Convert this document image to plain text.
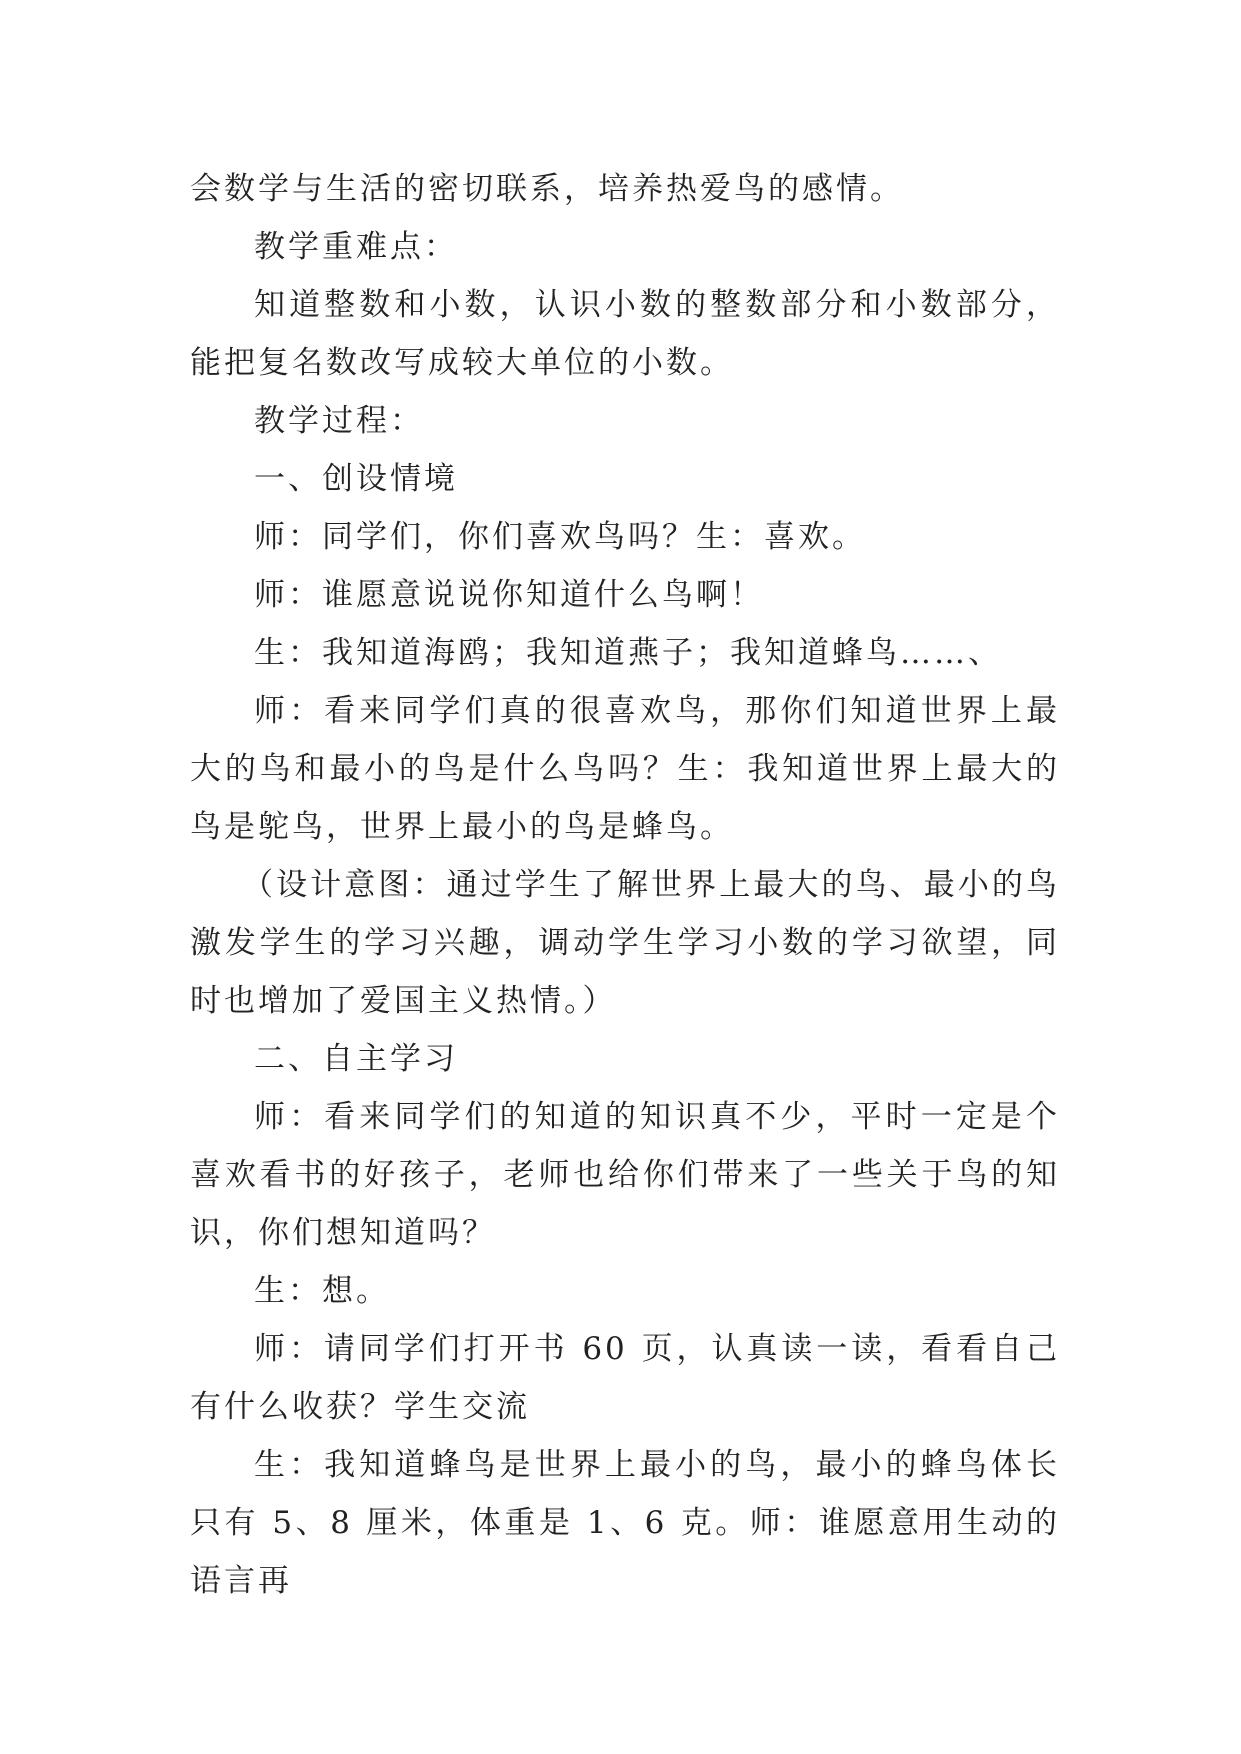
会数学与生活的密切联系，培养热爱鸟的感情。

教学重难点：

知道整数和小数，认识小数的整数部分和小数部分，能把复名数改写成较大单位的小数。

教学过程：

一、创设情境

师：同学们，你们喜欢鸟吗？生：喜欢。

师：谁愿意说说你知道什么鸟啊！

生：我知道海鸥；我知道燕子；我知道蜂鸟……、

师：看来同学们真的很喜欢鸟，那你们知道世界上最大的鸟和最小的鸟是什么鸟吗？生：我知道世界上最大的鸟是鸵鸟，世界上最小的鸟是蜂鸟。

（设计意图：通过学生了解世界上最大的鸟、最小的鸟激发学生的学习兴趣，调动学生学习小数的学习欲望，同时也增加了爱国主义热情。）

二、自主学习

师：看来同学们的知道的知识真不少，平时一定是个喜欢看书的好孩子，老师也给你们带来了一些关于鸟的知识，你们想知道吗？

生：想。

师：请同学们打开书 60 页，认真读一读，看看自己有什么收获？学生交流

生：我知道蜂鸟是世界上最小的鸟，最小的蜂鸟体长只有 5、8 厘米，体重是 1、6 克。师：谁愿意用生动的语言再
